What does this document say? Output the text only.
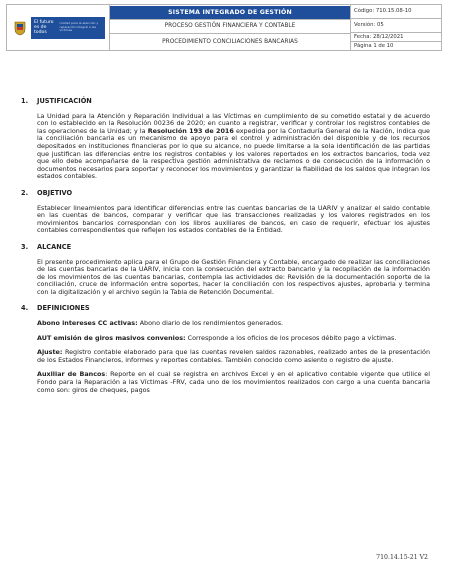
El futuro es de todos
Unidad para la atención y reparación integral a las víctimas

SISTEMA INTEGRADO DE GESTIÓN
PROCESO GESTIÓN FINANCIERA Y CONTABLE
PROCEDIMIENTO CONCILIACIONES BANCARIAS

Código: 710.15.08-10
Versión: 05
Fecha: 28/12/2021
Página 1 de 10

1.	JUSTIFICACIÓN

La Unidad para la Atención y Reparación Individual a las Víctimas en cumplimiento de su cometido estatal y de acuerdo con lo establecido en la Resolución 00236 de 2020; en cuanto a registrar, verificar y controlar los registros contables de las operaciones de la Unidad; y la Resolución 193 de 2016 expedida por la Contaduría General de la Nación, indica que la conciliación bancaria es un mecanismo de apoyo para el control y administración del disponible y de los recursos depositados en instituciones financieras por lo que su alcance, no puede limitarse a la sola identificación de las partidas que justifican las diferencias entre los registros contables y los valores reportados en los extractos bancarios, toda vez que ello debe acompañarse de la respectiva gestión administrativa de reclamos o de consecución de la información o documentos necesarios para soportar y reconocer los movimientos y garantizar la fiabilidad de los saldos que integran los estados contables.

2.	OBJETIVO

Establecer lineamientos para identificar diferencias entre las cuentas bancarias de la UARIV y analizar el saldo contable en las cuentas de bancos, comparar y verificar que las transacciones realizadas y los valores registrados en los movimientos bancarios correspondan con los libros auxiliares de bancos, en caso de requerir, efectuar los ajustes contables correspondientes que reflejen los estados contables de la Entidad.

3.	ALCANCE

El presente procedimiento aplica para el Grupo de Gestión Financiera y Contable, encargado de realizar las conciliaciones de las cuentas bancarias de la UARIV, inicia con la consecución del extracto bancario y la recopilación de la información de los movimientos de las cuentas bancarias, contempla las actividades de: Revisión de la documentación soporte de la conciliación, cruce de información entre soportes, hacer la conciliación con los respectivos ajustes, aprobarla y termina con la digitalización y el archivo según la Tabla de Retención Documental.

4.	DEFINICIONES

Abono intereses CC activas: Abono diario de los rendimientos generados.

AUT emisión de giros masivos convenios: Corresponde a los oficios de los procesos débito pago a víctimas.

Ajuste: Registro contable elaborado para que las cuentas revelen saldos razonables, realizado antes de la presentación de los Estados Financieros, informes y reportes contables. También conocido como asiento o registro de ajuste.

Auxiliar de Bancos: Reporte en el cual se registra en archivos Excel y en el aplicativo contable vigente que utilice el Fondo para la Reparación a las Víctimas -FRV, cada uno de los movimientos realizados con cargo a una cuenta bancaria como son: giros de cheques, pagos

710.14.15-21 V2
